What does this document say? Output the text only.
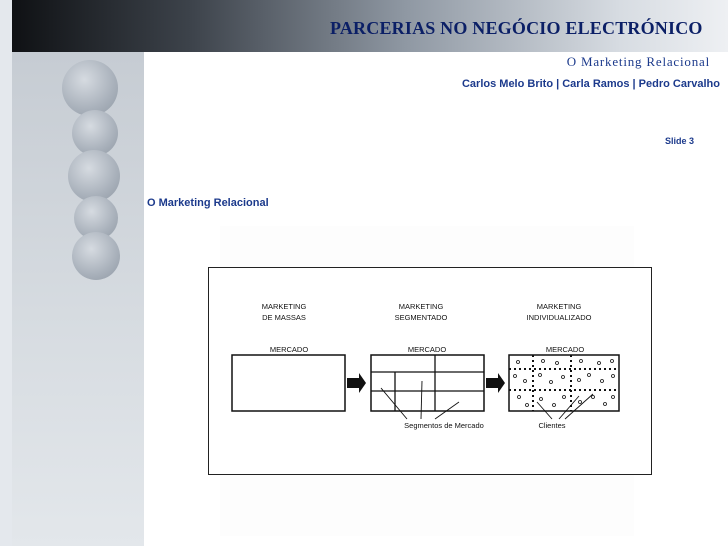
PARCERIAS NO NEGÓCIO ELECTRÓNICO
O Marketing Relacional
Carlos Melo Brito | Carla Ramos | Pedro Carvalho
Slide 3
O Marketing Relacional
MARKETING
DE MASSAS
MARKETING
SEGMENTADO
MARKETING
INDIVIDUALIZADO
MERCADO	MERCADO	MERCADO
Segmentos de Mercado	Clientes
